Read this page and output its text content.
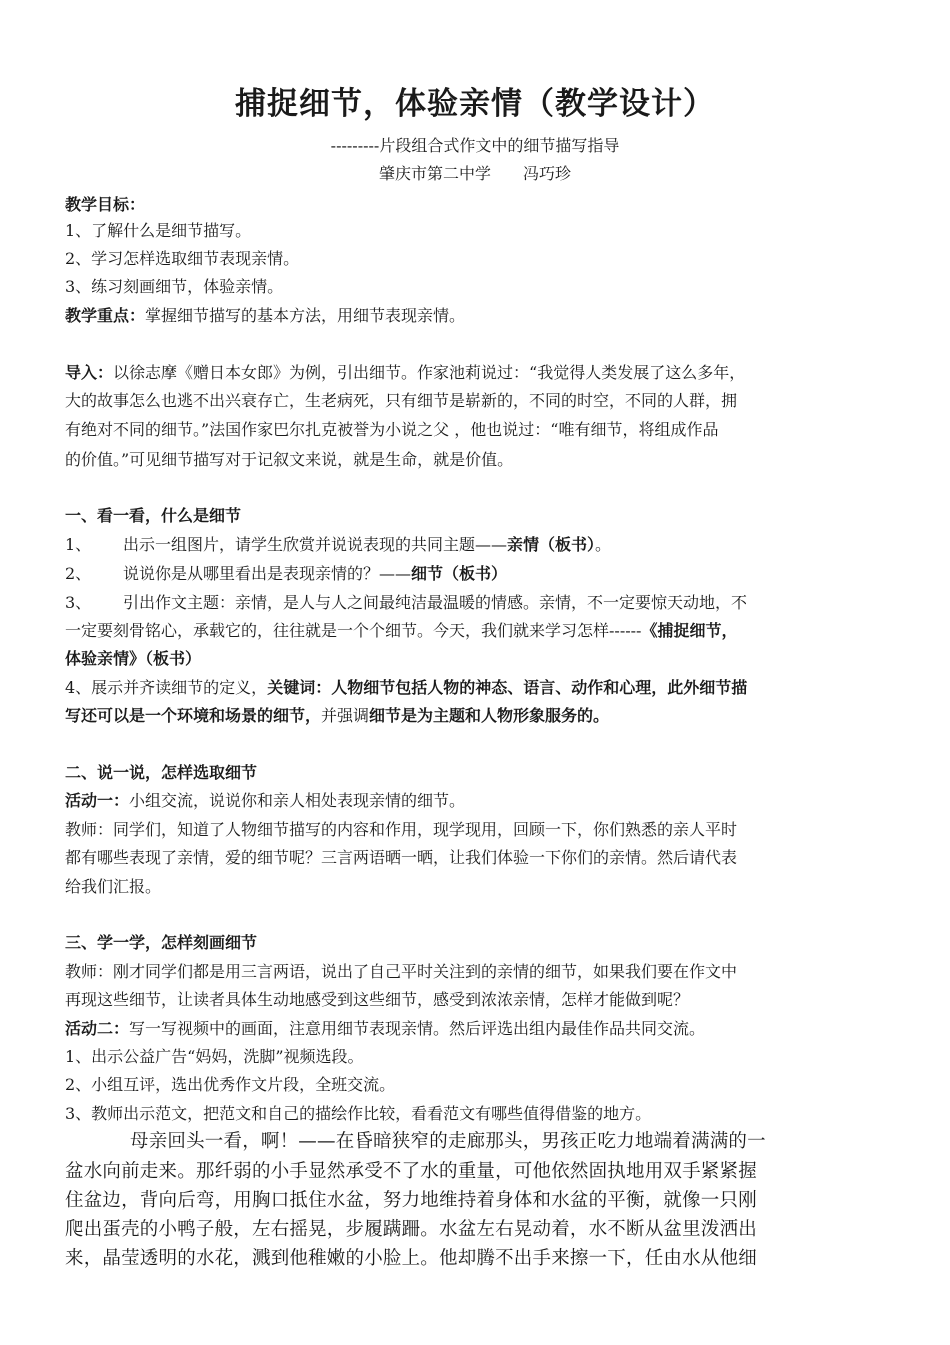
捕捉细节，体验亲情（教学设计）
---------片段组合式作文中的细节描写指导
肇庆市第二中学　　冯巧珍
教学目标：
1、了解什么是细节描写。
2、学习怎样选取细节表现亲情。
3、练习刻画细节，体验亲情。
教学重点：掌握细节描写的基本方法，用细节表现亲情。
导入：以徐志摩《赠日本女郎》为例，引出细节。作家池莉说过：“我觉得人类发展了这么多年，
大的故事怎么也逃不出兴衰存亡，生老病死，只有细节是崭新的，不同的时空，不同的人群，拥
有绝对不同的细节。”法国作家巴尔扎克被誉为小说之父 ，他也说过：“唯有细节，将组成作品
的价值。”可见细节描写对于记叙文来说，就是生命，就是价值。
一、看一看，什么是细节
1、 出示一组图片，请学生欣赏并说说表现的共同主题——亲情（板书）。
2、 说说你是从哪里看出是表现亲情的？——细节（板书）
3、 引出作文主题：亲情，是人与人之间最纯洁最温暖的情感。亲情，不一定要惊天动地，不
一定要刻骨铭心，承载它的，往往就是一个个细节。今天，我们就来学习怎样------《捕捉细节，
体验亲情》（板书）
4、展示并齐读细节的定义，关键词：人物细节包括人物的神态、语言、动作和心理，此外细节描
写还可以是一个环境和场景的细节，并强调细节是为主题和人物形象服务的。
二、说一说，怎样选取细节
活动一：小组交流，说说你和亲人相处表现亲情的细节。
教师：同学们，知道了人物细节描写的内容和作用，现学现用，回顾一下，你们熟悉的亲人平时
都有哪些表现了亲情，爱的细节呢？三言两语晒一晒，让我们体验一下你们的亲情。然后请代表
给我们汇报。
三、学一学，怎样刻画细节
教师：刚才同学们都是用三言两语，说出了自己平时关注到的亲情的细节，如果我们要在作文中
再现这些细节，让读者具体生动地感受到这些细节，感受到浓浓亲情，怎样才能做到呢？
活动二：写一写视频中的画面，注意用细节表现亲情。然后评选出组内最佳作品共同交流。
1、出示公益广告“妈妈，洗脚”视频选段。
2、小组互评，选出优秀作文片段，全班交流。
3、教师出示范文，把范文和自己的描绘作比较，看看范文有哪些值得借鉴的地方。
母亲回头一看，啊！——在昏暗狭窄的走廊那头，男孩正吃力地端着满满的一
盆水向前走来。那纤弱的小手显然承受不了水的重量，可他依然固执地用双手紧紧握
住盆边，背向后弯，用胸口抵住水盆，努力地维持着身体和水盆的平衡，就像一只刚
爬出蛋壳的小鸭子般，左右摇晃，步履蹒跚。水盆左右晃动着，水不断从盆里泼洒出
来，晶莹透明的水花，溅到他稚嫩的小脸上。他却腾不出手来擦一下，任由水从他细
